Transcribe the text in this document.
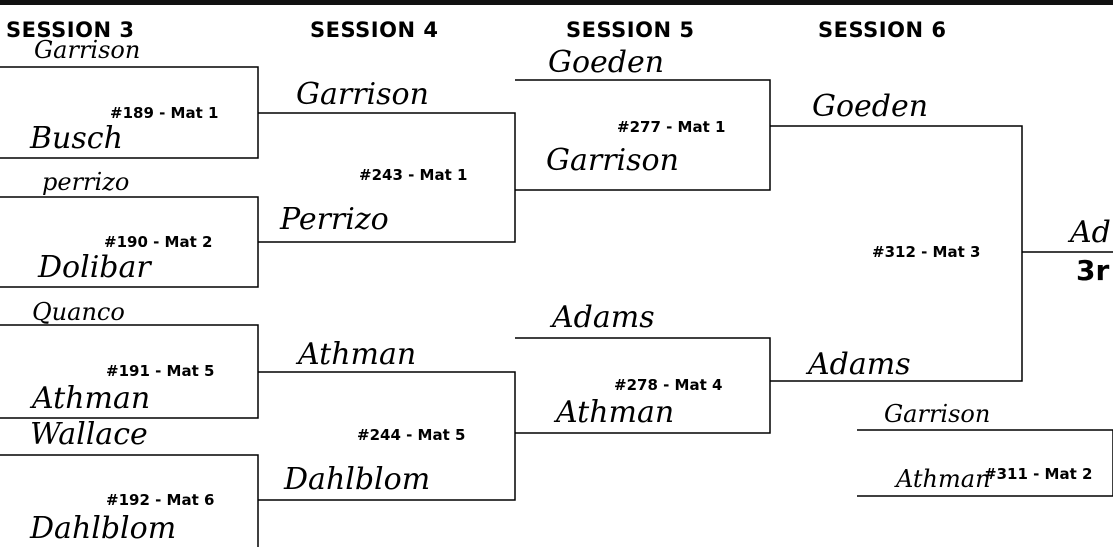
SESSION 3	SESSION 4	SESSION 5	SESSION 6
Garrison
#189 - Mat 1
Busch
perrizo
#190 - Mat 2
Dolibar
Quanco
#191 - Mat 5
Athman
Wallace
#192 - Mat 6
Dahlblom
Garrison
#243 - Mat 1
Perrizo
Athman
#244 - Mat 5
Dahlblom
Goeden
#277 - Mat 1
Garrison
Adams
#278 - Mat 4
Athman
Goeden
#312 - Mat 3
Adams
Garrison
#311 - Mat 2
Athman
Ad
3r
